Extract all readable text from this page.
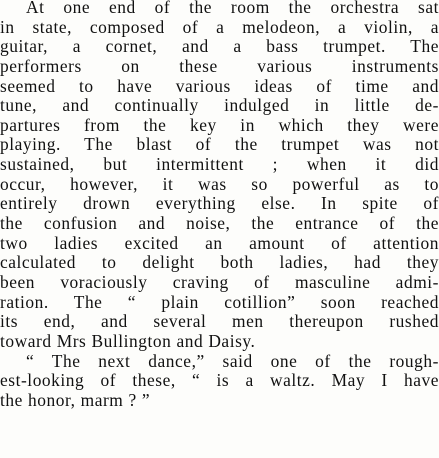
At one end of the room the orchestra sat
in state, composed of a melodeon, a violin, a
guitar, a cornet, and a bass trumpet. The
performers on these various instruments
seemed to have various ideas of time and
tune, and continually indulged in little de-
partures from the key in which they were
playing. The blast of the trumpet was not
sustained, but intermittent ; when it did
occur, however, it was so powerful as to
entirely drown everything else. In spite of
the confusion and noise, the entrance of the
two ladies excited an amount of attention
calculated to delight both ladies, had they
been voraciously craving of masculine admi-
ration. The “ plain cotillion” soon reached
its end, and several men thereupon rushed
toward Mrs Bullington and Daisy.
“ The next dance,” said one of the rough-
est-looking of these, “ is a waltz. May I have
the honor, marm ? ”
